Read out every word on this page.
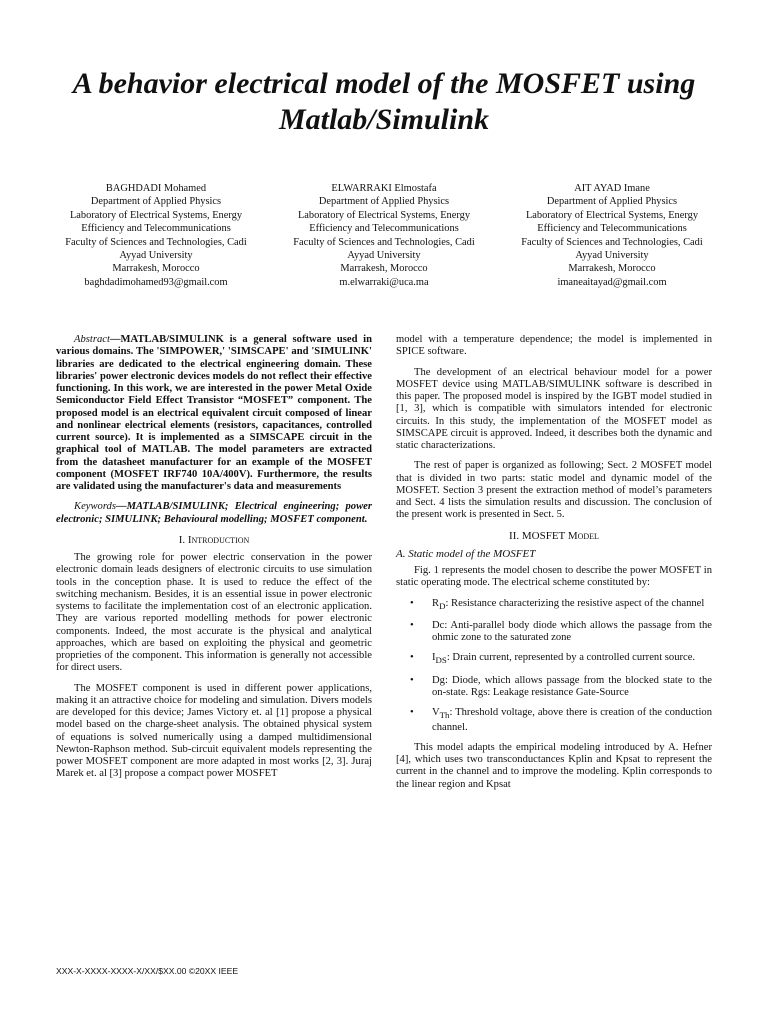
A behavior electrical model of the MOSFET using Matlab/Simulink
BAGHDADI Mohamed
Department of Applied Physics
Laboratory of Electrical Systems, Energy
Efficiency and Telecommunications
Faculty of Sciences and Technologies, Cadi
Ayyad University
Marrakesh, Morocco
baghdadimohamed93@gmail.com
ELWARRAKI Elmostafa
Department of Applied Physics
Laboratory of Electrical Systems, Energy
Efficiency and Telecommunications
Faculty of Sciences and Technologies, Cadi
Ayyad University
Marrakesh, Morocco
m.elwarraki@uca.ma
AIT AYAD Imane
Department of Applied Physics
Laboratory of Electrical Systems, Energy
Efficiency and Telecommunications
Faculty of Sciences and Technologies, Cadi
Ayyad University
Marrakesh, Morocco
imaneaitayad@gmail.com

Abstract—MATLAB/SIMULINK is a general software used in various domains. The 'SIMPOWER,' 'SIMSCAPE' and 'SIMULINK' libraries are dedicated to the electrical engineering domain. These libraries' power electronic devices models do not reflect their effective functioning. In this work, we are interested in the power Metal Oxide Semiconductor Field Effect Transistor “MOSFET” component. The proposed model is an electrical equivalent circuit composed of linear and nonlinear electrical elements (resistors, capacitances, controlled current source). It is implemented as a SIMSCAPE circuit in the graphical tool of MATLAB. The model parameters are extracted from the datasheet manufacturer for an example of the MOSFET component (MOSFET IRF740 10A/400V). Furthermore, the results are validated using the manufacturer's data and measurements

Keywords—MATLAB/SIMULINK; Electrical engineering; power electronic; SIMULINK; Behavioural modelling; MOSFET component.

I. Introduction

The growing role for power electric conservation in the power electronic domain leads designers of electronic circuits to use simulation tools in the conception phase. It is used to reduce the effect of the switching mechanism. Besides, it is an essential issue in power electronic systems to facilitate the implementation cost of an electronic application. They are various reported modelling methods for power electronic components. Indeed, the most accurate is the physical and analytical approaches, which are based on exploiting the physical and geometric proprieties of the component. This information is generally not accessible for direct users.

The MOSFET component is used in different power applications, making it an attractive choice for modeling and simulation. Divers models are developed for this device; James Victory et. al [1] propose a physical model based on the charge-sheet analysis. The obtained physical system of equations is solved numerically using a damped multidimensional Newton-Raphson method. Sub-circuit equivalent models representing the power MOSFET component are more adapted in most works [2, 3]. Juraj Marek et. al [3] propose a compact power MOSFET

model with a temperature dependence; the model is implemented in SPICE software.

The development of an electrical behaviour model for a power MOSFET device using MATLAB/SIMULINK software is described in this paper. The proposed model is inspired by the IGBT model studied in [1, 3], which is compatible with simulators intended for electronic circuits. In this study, the implementation of the MOSFET model as SIMSCAPE circuit is approved. Indeed, it describes both the dynamic and static characterizations.

The rest of paper is organized as following; Sect. 2 MOSFET model that is divided in two parts: static model and dynamic model of the MOSFET. Section 3 present the extraction method of model’s parameters and Sect. 4 lists the simulation results and discussion. The conclusion of the present work is presented in Sect. 5.

II. MOSFET Model
A. Static model of the MOSFET

Fig. 1 represents the model chosen to describe the power MOSFET in static operating mode. The electrical scheme constituted by:

• $R_D$: Resistance characterizing the resistive aspect of the channel
• Dc: Anti-parallel body diode which allows the passage from the ohmic zone to the saturated zone
• $I_{DS}$: Drain current, represented by a controlled current source.
• Dg: Diode, which allows passage from the blocked state to the on-state. Rgs: Leakage resistance Gate-Source
• $V_{Th}$: Threshold voltage, above there is creation of the conduction channel.

This model adapts the empirical modeling introduced by A. Hefner [4], which uses two transconductances Kplin and Kpsat to represent the current in the channel and to improve the modeling. Kplin corresponds to the linear region and Kpsat

XXX-X-XXXX-XXXX-X/XX/$XX.00 ©20XX IEEE
